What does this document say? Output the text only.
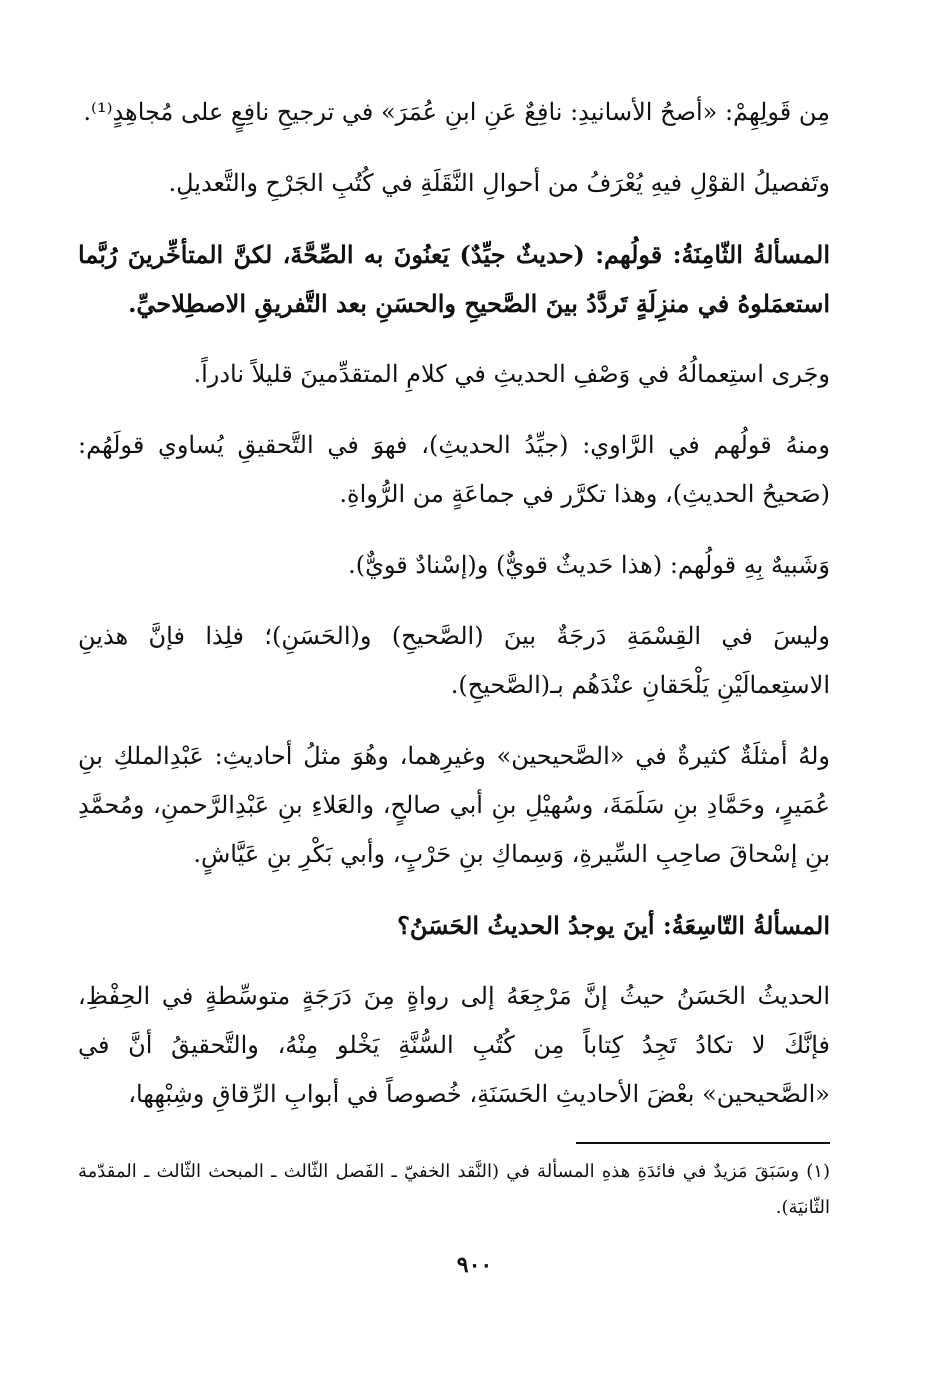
مِن قَولِهِمْ: «أصحُ الأسانيدِ: نافِعٌ عَنِ ابنِ عُمَرَ» في ترجيحِ نافِعٍ على مُجاهِدٍ⁽¹⁾.

وتَفصيلُ القوْلِ فيهِ يُعْرَفُ من أحوالِ النَّقَلَةِ في كُتُبِ الجَرْحِ والتَّعديلِ.

المسألةُ الثّامِنَةُ: قولُهم: (حديثٌ جيِّدٌ) يَعنُونَ به الصِّحَّةَ، لكنَّ المتأخِّرينَ رُبَّما استعمَلوهُ في منزِلَةٍ تَردَّدُ بينَ الصَّحيحِ والحسَنِ بعد التَّفريقِ الاصطِلاحيِّ.

وجَرى استِعمالُهُ في وَصْفِ الحديثِ في كلامِ المتقدِّمينَ قليلاً نادراً.

ومنهُ قولُهم في الرَّاوي: (جيِّدُ الحديثِ)، فهوَ في التَّحقيقِ يُساوي قولَهُم: (صَحيحُ الحديثِ)، وهذا تكرَّر في جماعَةٍ من الرُّواةِ.

وَشَبيهٌ بِهِ قولُهم: (هذا حَديثٌ قويٌّ) و(إسْنادٌ قويٌّ).

وليسَ في القِسْمَةِ دَرجَةٌ بينَ (الصَّحيحِ) و(الحَسَنِ)؛ فلِذا فإنَّ هذينِ الاستِعمالَيْنِ يَلْحَقانِ عنْدَهُم بـ(الصَّحيحِ).

ولهُ أمثلَةٌ كثيرةٌ في «الصَّحيحين» وغيرِهما، وهُوَ مثلُ أحاديثِ: عَبْدِالملكِ بنِ عُمَيرٍ، وحَمَّادِ بنِ سَلَمَةَ، وسُهيْلِ بنِ أبي صالحٍ، والعَلاءِ بنِ عَبْدِالرَّحمنِ، ومُحمَّدِ بنِ إسْحاقَ صاحِبِ السِّيرةِ، وَسِماكِ بنِ حَرْبٍ، وأبي بَكْرِ بنِ عَيَّاشٍ.

المسألةُ التّاسِعَةُ: أينَ يوجدُ الحديثُ الحَسَنُ؟

الحديثُ الحَسَنُ حيثُ إنَّ مَرْجِعَهُ إلى رواةٍ مِنَ دَرَجَةٍ متوسِّطةٍ في الحِفْظِ، فإنَّكَ لا تكادُ تَجِدُ كِتاباً مِن كُتُبِ السُّنَّةِ يَخْلو مِنْهُ، والتَّحقيقُ أنَّ في «الصَّحيحين» بعْضَ الأحاديثِ الحَسَنَةِ، خُصوصاً في أبوابِ الرِّقاقِ وشِبْهِها،

(١) وسَبَقَ مَزيدٌ في فائدَةِ هذهِ المسألة في (النَّقد الخفيّ ـ الفَصل الثّالث ـ المبحث الثّالث ـ المقدّمة الثّانيَة).
٩٠٠
